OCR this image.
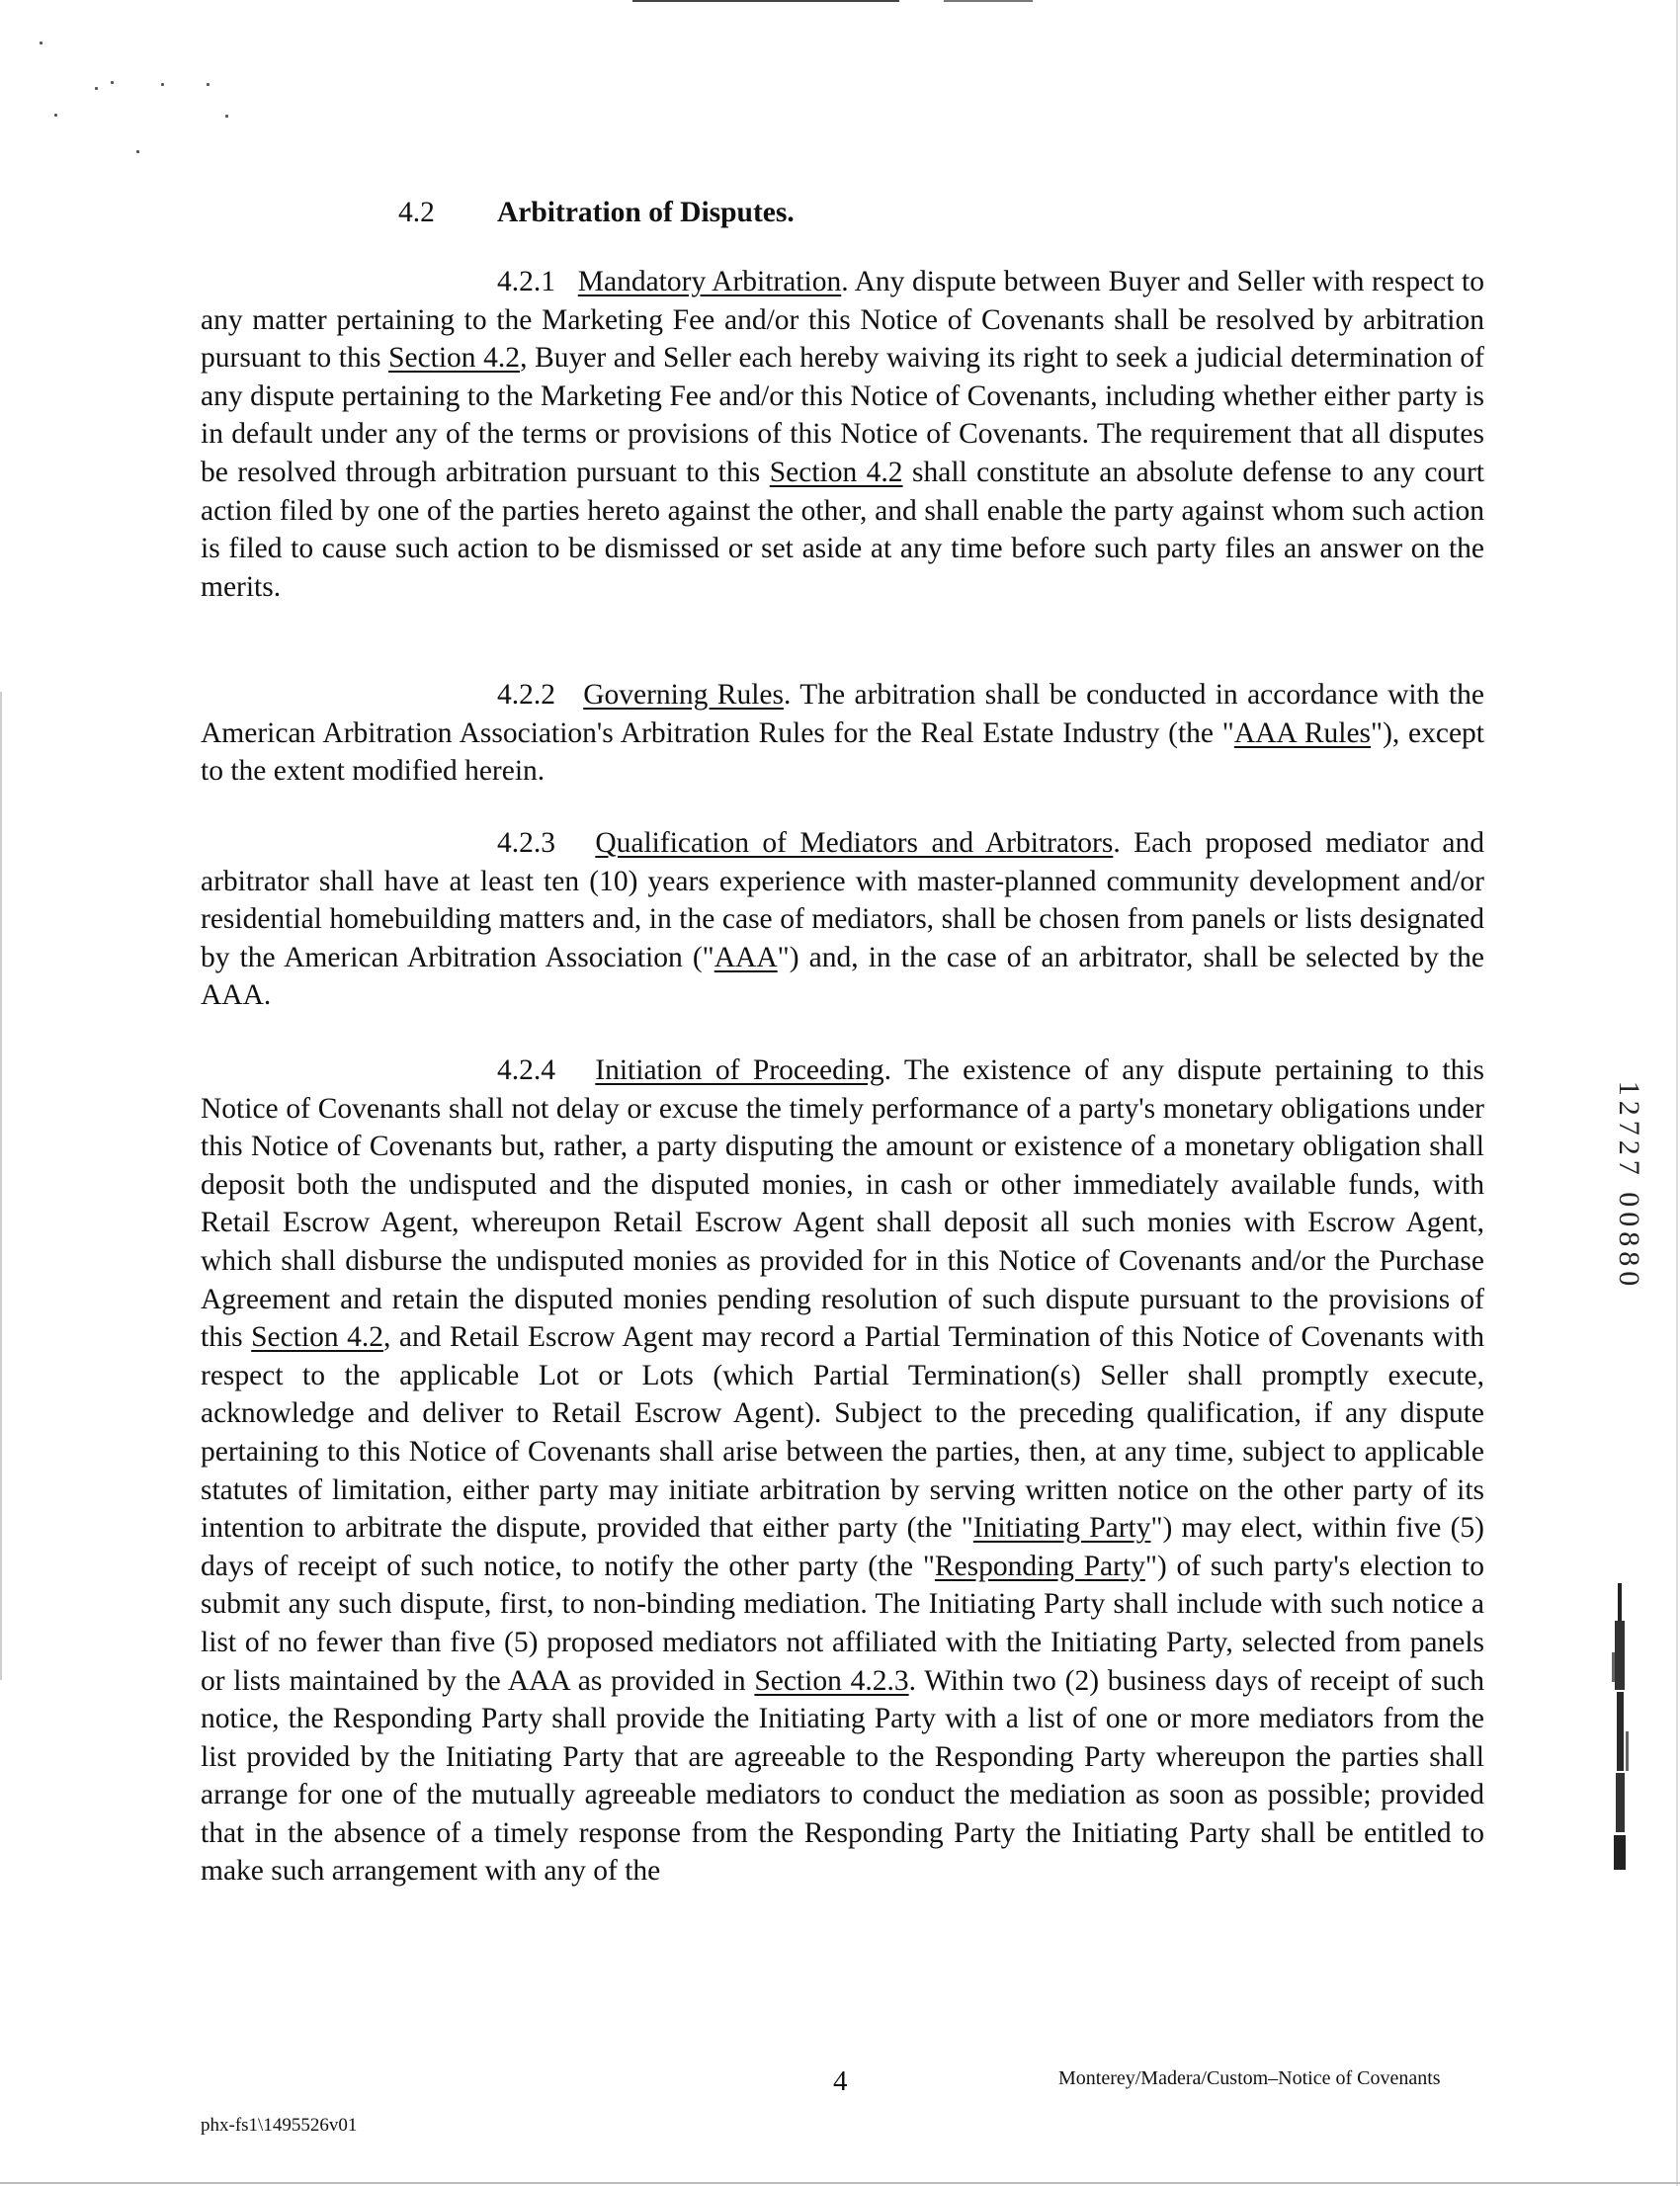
4.2 Arbitration of Disputes.

4.2.1 Mandatory Arbitration. Any dispute between Buyer and Seller with respect to any matter pertaining to the Marketing Fee and/or this Notice of Covenants shall be resolved by arbitration pursuant to this Section 4.2, Buyer and Seller each hereby waiving its right to seek a judicial determination of any dispute pertaining to the Marketing Fee and/or this Notice of Covenants, including whether either party is in default under any of the terms or provisions of this Notice of Covenants. The requirement that all disputes be resolved through arbitration pursuant to this Section 4.2 shall constitute an absolute defense to any court action filed by one of the parties hereto against the other, and shall enable the party against whom such action is filed to cause such action to be dismissed or set aside at any time before such party files an answer on the merits.

4.2.2 Governing Rules. The arbitration shall be conducted in accordance with the American Arbitration Association's Arbitration Rules for the Real Estate Industry (the "AAA Rules"), except to the extent modified herein.

4.2.3 Qualification of Mediators and Arbitrators. Each proposed mediator and arbitrator shall have at least ten (10) years experience with master-planned community development and/or residential homebuilding matters and, in the case of mediators, shall be chosen from panels or lists designated by the American Arbitration Association ("AAA") and, in the case of an arbitrator, shall be selected by the AAA.

4.2.4 Initiation of Proceeding. The existence of any dispute pertaining to this Notice of Covenants shall not delay or excuse the timely performance of a party's monetary obligations under this Notice of Covenants but, rather, a party disputing the amount or existence of a monetary obligation shall deposit both the undisputed and the disputed monies, in cash or other immediately available funds, with Retail Escrow Agent, whereupon Retail Escrow Agent shall deposit all such monies with Escrow Agent, which shall disburse the undisputed monies as provided for in this Notice of Covenants and/or the Purchase Agreement and retain the disputed monies pending resolution of such dispute pursuant to the provisions of this Section 4.2, and Retail Escrow Agent may record a Partial Termination of this Notice of Covenants with respect to the applicable Lot or Lots (which Partial Termination(s) Seller shall promptly execute, acknowledge and deliver to Retail Escrow Agent). Subject to the preceding qualification, if any dispute pertaining to this Notice of Covenants shall arise between the parties, then, at any time, subject to applicable statutes of limitation, either party may initiate arbitration by serving written notice on the other party of its intention to arbitrate the dispute, provided that either party (the "Initiating Party") may elect, within five (5) days of receipt of such notice, to notify the other party (the "Responding Party") of such party's election to submit any such dispute, first, to non-binding mediation. The Initiating Party shall include with such notice a list of no fewer than five (5) proposed mediators not affiliated with the Initiating Party, selected from panels or lists maintained by the AAA as provided in Section 4.2.3. Within two (2) business days of receipt of such notice, the Responding Party shall provide the Initiating Party with a list of one or more mediators from the list provided by the Initiating Party that are agreeable to the Responding Party whereupon the parties shall arrange for one of the mutually agreeable mediators to conduct the mediation as soon as possible; provided that in the absence of a timely response from the Responding Party the Initiating Party shall be entitled to make such arrangement with any of the

12727 00880
4	Monterey/Madera/Custom–Notice of Covenants
phx-fs1\1495526v01
